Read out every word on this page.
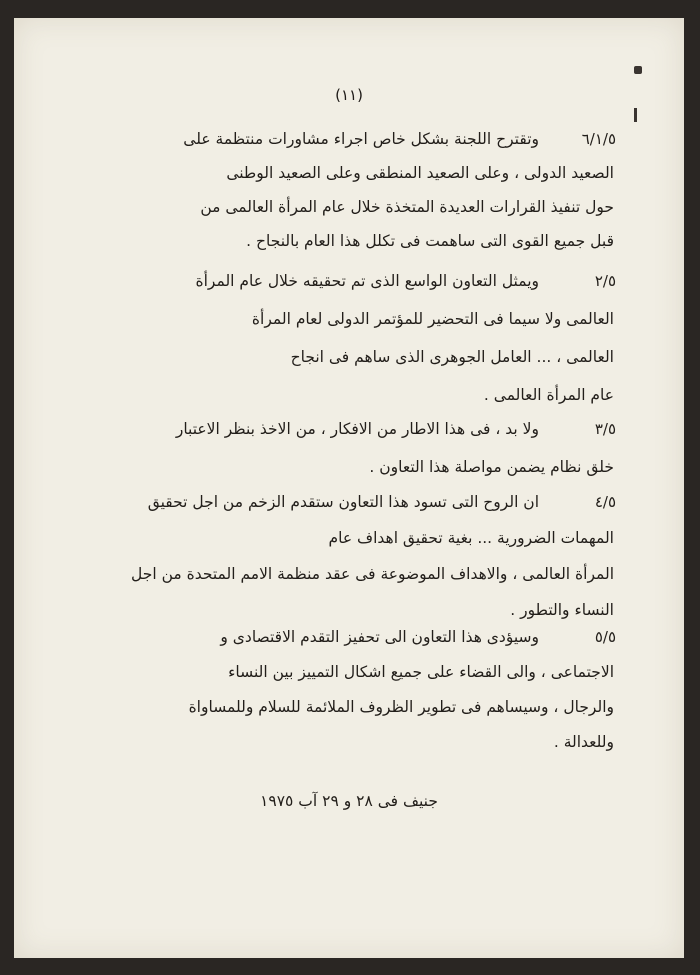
(١١)
٦/١/٥
وتقترح اللجنة بشكل خاص اجراء مشاورات منتظمة على
الصعيد الدولى ، وعلى الصعيد المنطقى وعلى الصعيد الوطنى
حول تنفيذ القرارات العديدة المتخذة خلال عام المرأة العالمى من
قبل جميع القوى التى ساهمت فى تكلل هذا العام بالنجاح .
٢/٥
ويمثل التعاون الواسع الذى تم تحقيقه خلال عام المرأة
العالمى ولا سيما فى التحضير للمؤتمر الدولى لعام المرأة
العالمى ، ... العامل الجوهرى الذى ساهم فى انجاح
عام المرأة العالمى .
٣/٥
ولا بد ، فى هذا الاطار من الافكار ، من الاخذ بنظر الاعتبار
خلق نظام يضمن مواصلة هذا التعاون .
٤/٥
ان الروح التى تسود هذا التعاون ستقدم الزخم من اجل تحقيق
المهمات الضرورية ... بغية تحقيق اهداف عام
المرأة العالمى ، والاهداف الموضوعة فى عقد منظمة الامم المتحدة من اجل
النساء والتطور .
٥/٥
وسيؤدى هذا التعاون الى تحفيز التقدم الاقتصادى و
الاجتماعى ، والى القضاء على جميع اشكال التمييز بين النساء
والرجال ، وسيساهم فى تطوير الظروف الملائمة للسلام وللمساواة
وللعدالة .
جنيف فى ٢٨ و ٢٩ آب ١٩٧٥
